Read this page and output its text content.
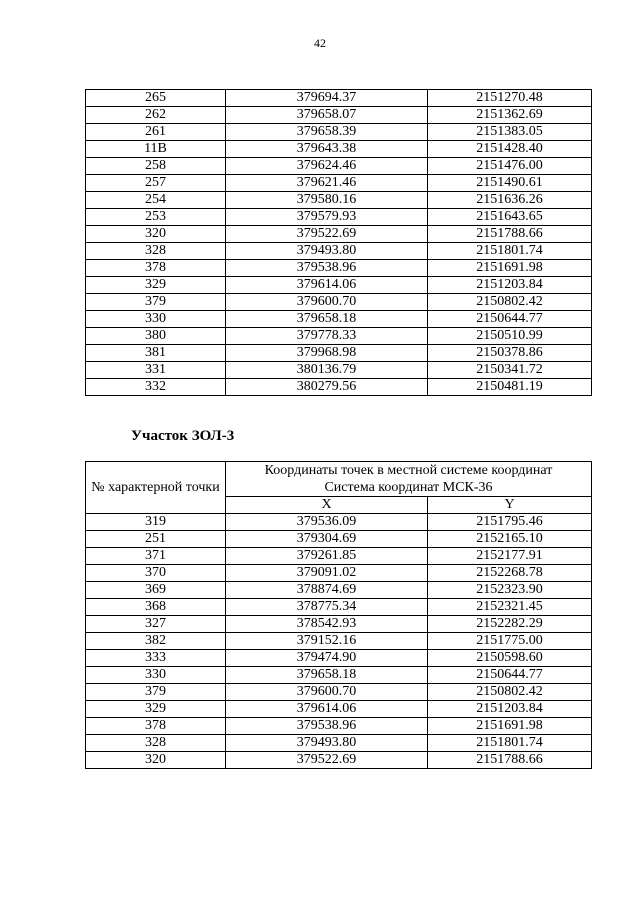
42
265	379694.37	2151270.48
262	379658.07	2151362.69
261	379658.39	2151383.05
11В	379643.38	2151428.40
258	379624.46	2151476.00
257	379621.46	2151490.61
254	379580.16	2151636.26
253	379579.93	2151643.65
320	379522.69	2151788.66
328	379493.80	2151801.74
378	379538.96	2151691.98
329	379614.06	2151203.84
379	379600.70	2150802.42
330	379658.18	2150644.77
380	379778.33	2150510.99
381	379968.98	2150378.86
331	380136.79	2150341.72
332	380279.56	2150481.19
Участок ЗОЛ-3
№ характерной точки	Координаты точек в местной системе координат
Система координат МСК-36	

	X	Y
319	379536.09	2151795.46
251	379304.69	2152165.10
371	379261.85	2152177.91
370	379091.02	2152268.78
369	378874.69	2152323.90
368	378775.34	2152321.45
327	378542.93	2152282.29
382	379152.16	2151775.00
333	379474.90	2150598.60
330	379658.18	2150644.77
379	379600.70	2150802.42
329	379614.06	2151203.84
378	379538.96	2151691.98
328	379493.80	2151801.74
320	379522.69	2151788.66
